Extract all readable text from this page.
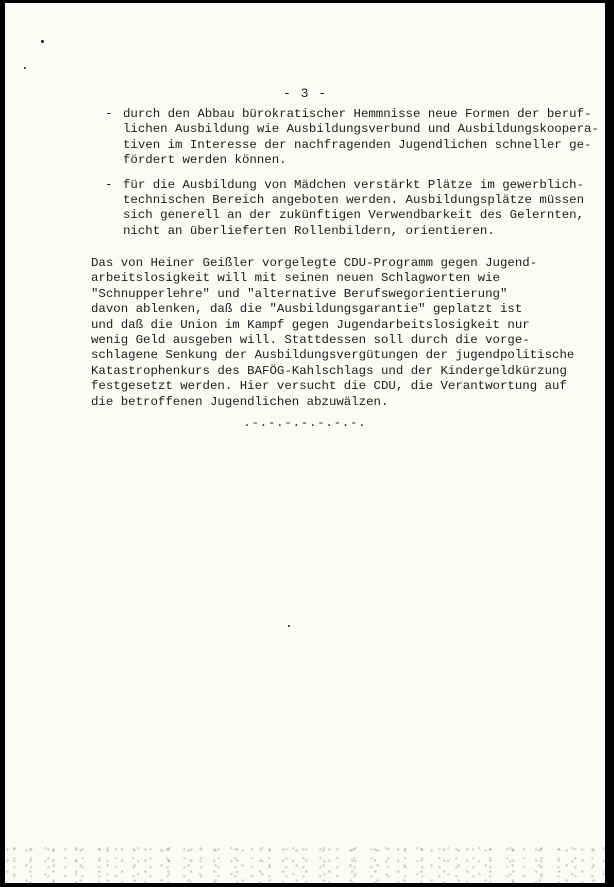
- 3 -
- durch den Abbau bürokratischer Hemmnisse neue Formen der beruf-
lichen Ausbildung wie Ausbildungsverbund und Ausbildungskoopera-
tiven im Interesse der nachfragenden Jugendlichen schneller ge-
fördert werden können.
- für die Ausbildung von Mädchen verstärkt Plätze im gewerblich-
technischen Bereich angeboten werden. Ausbildungsplätze müssen
sich generell an der zukünftigen Verwendbarkeit des Gelernten,
nicht an überlieferten Rollenbildern, orientieren.
Das von Heiner Geißler vorgelegte CDU-Programm gegen Jugend-
arbeitslosigkeit will mit seinen neuen Schlagworten wie
"Schnupperlehre" und "alternative Berufswegorientierung"
davon ablenken, daß die "Ausbildungsgarantie" geplatzt ist
und daß die Union im Kampf gegen Jugendarbeitslosigkeit nur
wenig Geld ausgeben will. Stattdessen soll durch die vorge-
schlagene Senkung der Ausbildungsvergütungen der jugendpolitische
Katastrophenkurs des BAFÖG-Kahlschlags und der Kindergeldkürzung
festgesetzt werden. Hier versucht die CDU, die Verantwortung auf
die betroffenen Jugendlichen abzuwälzen.
.-.-.-.-.-.-.-.
